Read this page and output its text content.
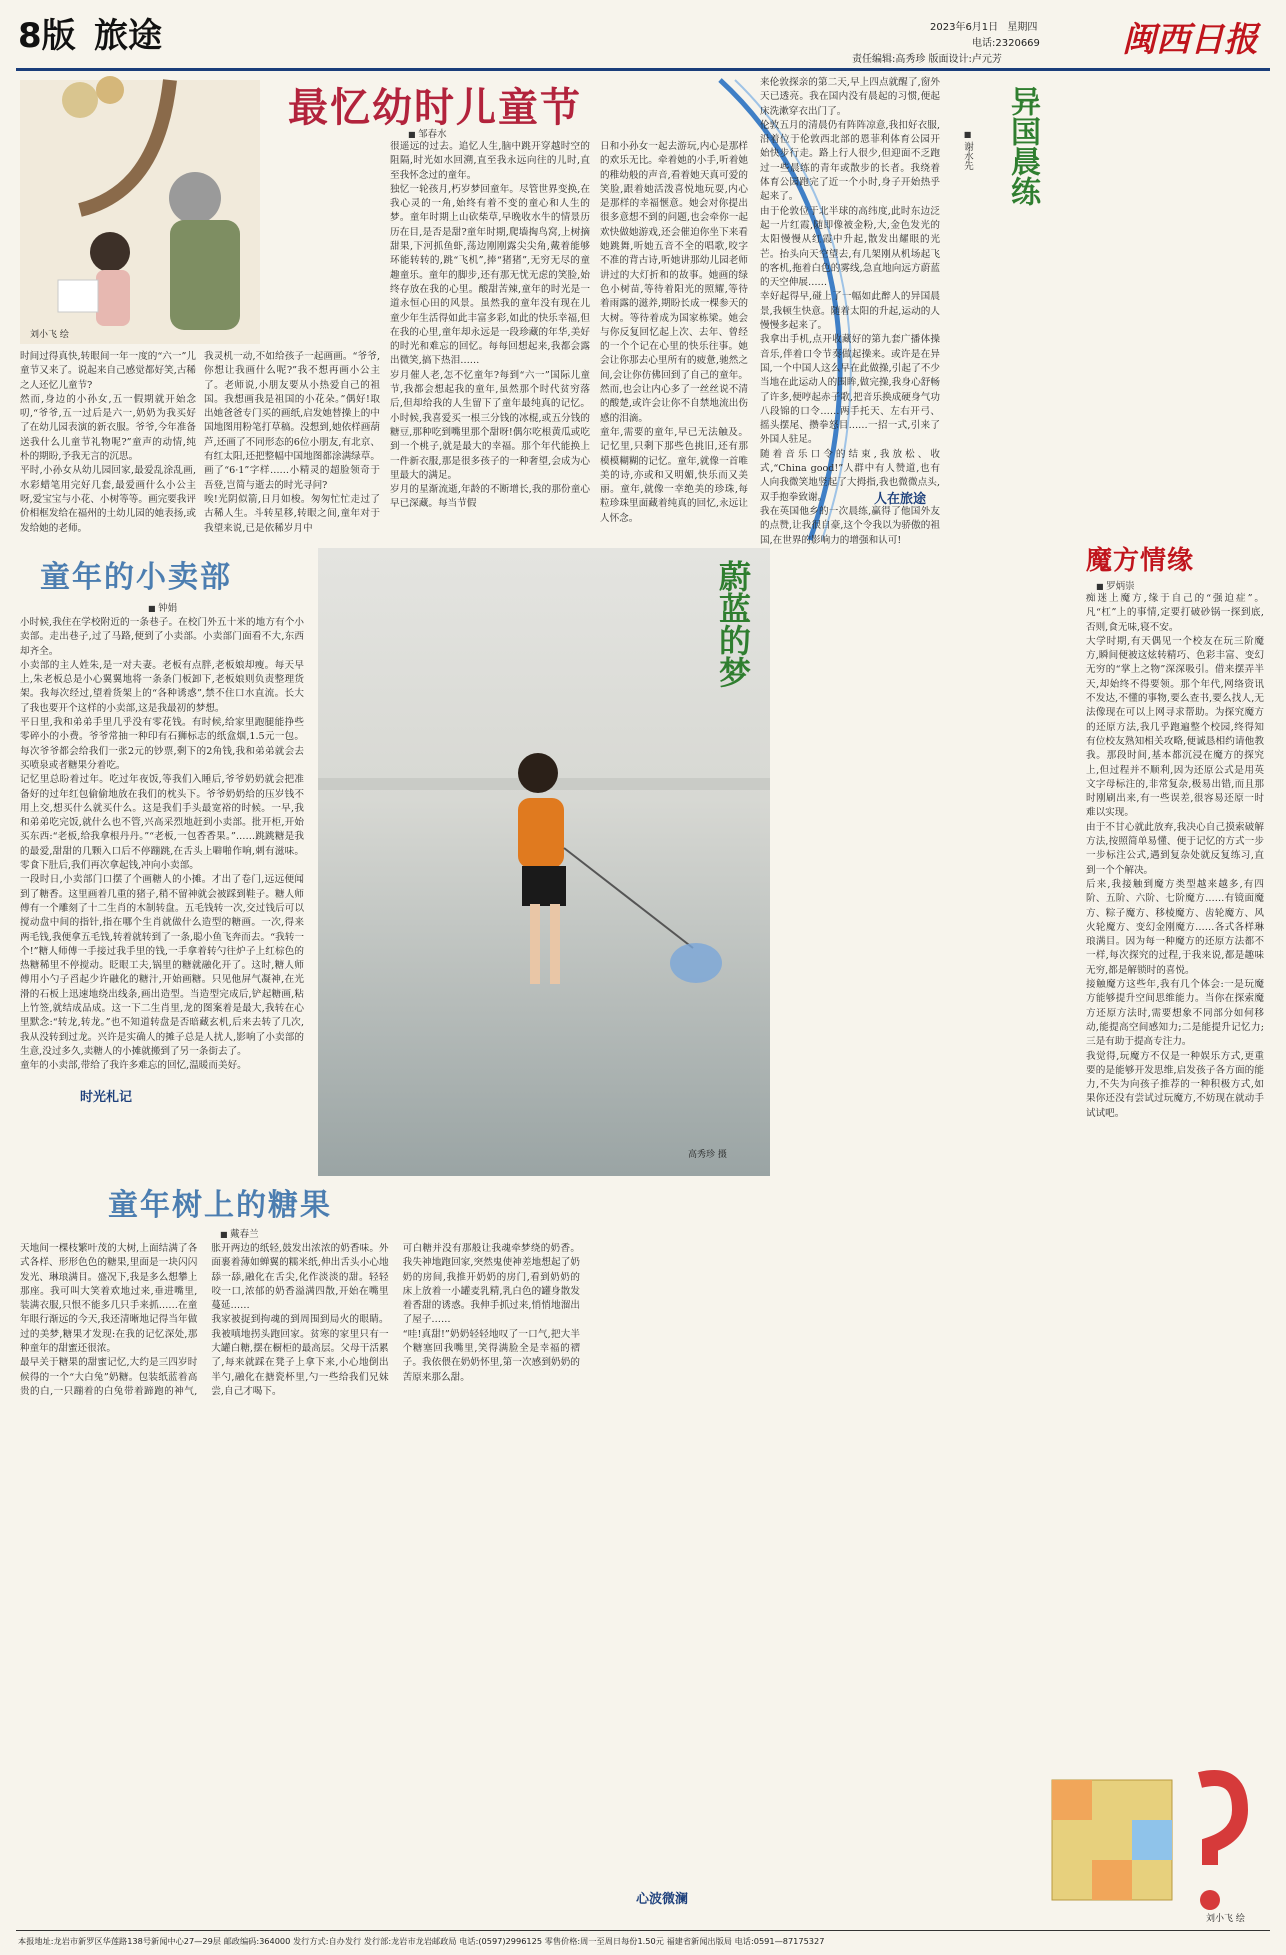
8版 旅途	2023年6月1日 星期四
电话:2320669
责任编辑:高秀珍 版面设计:卢元芳	闽西日报
刘小飞 绘
最忆幼时儿童节
■ 邹春水
时间过得真快,转眼间一年一度的“六一”儿童节又来了。说起来自己感觉都好笑,古稀之人还忆儿童节?
然而,身边的小孙女,五一假期就开始念叨,“爷爷,五一过后是六一,奶奶为我买好了在幼儿园表演的新衣服。爷爷,今年准备送我什么儿童节礼物呢?”童声的动情,纯朴的期盼,予我无言的沉思。
平时,小孙女从幼儿园回家,最爱乱涂乱画,水彩蜡笔用完好几套,最爱画什么小公主呀,爱宝宝与小花、小树等等。画完要我评价相框发给在福州的土幼儿园的她表扬,或发给她的老师。
我灵机一动,不如给孩子一起画画。“爷爷,你想让我画什么呢?”我不想再画小公主了。老师说,小朋友要从小热爱自己的祖国。我想画我是祖国的小花朵。”偶好!取出她爸爸专门买的画纸,启发她替操上的中国地图用粉笔打草稿。没想到,她依样画葫芦,还画了不同形态的6位小朋友,有北京、有红太阳,还把整幅中国地图都涂满绿草。画了“6·1”字样……小精灵的超脸领奇于吾登,岂简与逝去的时光寻问?
唉!光阴似箭,日月如梭。匆匆忙忙走过了古稀人生。斗转星移,转眼之间,童年对于我望来说,已是依稀岁月中
很遥远的过去。追忆人生,脑中跳开穿越时空的阻隔,时光如水回溯,直至我永远向往的儿时,直至我怀念过的童年。
独忆一轮孩月,朽岁梦回童年。尽管世界变换,在我心灵的一角,始终有着不变的童心和人生的梦。童年时期上山砍柴草,早晚收水牛的情景历历在目,是否是甜?童年时期,爬墙掏鸟窝,上树摘甜果,下河抓鱼虾,荡边刚刚露尖尖角,戴着能够环能转转的,跳“飞机”,捧“猪猪”,无穷无尽的童趣童乐。童年的脚步,还有那无忧无虑的笑脸,始终存放在我的心里。酸甜苦辣,童年的时光是一道永恒心田的风景。虽然我的童年没有现在儿童少年生活得如此丰富多彩,如此的快乐幸福,但在我的心里,童年却永远是一段珍藏的年华,美好的时光和难忘的回忆。每每回想起来,我都会露出微笑,搞下热泪……
岁月催人老,怎不忆童年?每到“六一”国际儿童节,我都会想起我的童年,虽然那个时代贫穷落后,但却给我的人生留下了童年最纯真的记忆。小时候,我喜爱买一根三分钱的冰棍,或五分钱的糖豆,那种吃到嘴里那个甜呀!偶尔吃根黄瓜或吃到一个桃子,就是最大的幸福。那个年代能换上一件新衣服,那是很多孩子的一种奢望,会成为心里最大的满足。
岁月的星渐流逝,年龄的不断增长,我的那份童心早已深藏。每当节假
日和小孙女一起去游玩,内心是那样的欢乐无比。牵着她的小手,听着她的稚幼般的声音,看着她天真可爱的笑脸,跟着她活泼喜悦地玩耍,内心是那样的幸福惬意。她会对你提出很多意想不到的问题,也会牵你一起欢快做她游戏,还会催迫你坐下来看她跳舞,听她五音不全的唱歌,咬字不准的背古诗,听她讲那幼儿园老师讲过的大灯折和的故事。她画的绿色小树苗,等待着阳光的照耀,等待着雨露的滋养,期盼长成一棵参天的大树。等待着成为国家栋梁。她会与你反复回忆起上次、去年、曾经的一个个记在心里的快乐往事。她会让你那去心里所有的疲惫,驰然之间,会让你仿佛回到了自己的童年。然而,也会让内心多了一丝丝说不清的酸楚,或许会让你不自禁地流出伤感的泪滴。
童年,需要的童年,早已无法触及。记忆里,只剩下那些色挑旧,还有那模模糊糊的记忆。童年,就像一首唯美的诗,亦或和又明媚,快乐而又美丽。童年,就像一幸绝美的珍珠,每粒珍珠里面藏着纯真的回忆,永远让人怀念。
来伦敦探亲的第二天,早上四点就醒了,窗外天已透亮。我在国内没有晨起的习惯,便起床洗漱穿衣出门了。
伦敦五月的清晨仍有阵阵凉意,我扣好衣服,沿着位于伦敦西北部的恩菲利体育公园开始快步行走。路上行人很少,但迎面不乏跑过一些晨练的青年或散步的长者。我绕着体育公园跑完了近一个小时,身子开始热乎起来了。
由于伦敦位于北半球的高纬度,此时东边泛起一片红霞,随即像被金粉,大,金色发光的太阳慢慢从红霞中升起,散发出耀眼的光芒。抬头向天空望去,有几架刚从机场起飞的客机,拖着白色的雾线,急直地向远方蔚蓝的天空伸展……
幸好起得早,碰上了一幅如此醉人的异国晨景,我顿生快意。随着太阳的升起,运动的人慢慢多起来了。
我拿出手机,点开收藏好的第九套广播体操音乐,伴着口令节奏做起操来。或许是在异国,一个中国人这么早在此做操,引起了不少当地在此运动人的围眸,做完操,我身心舒畅了许多,便哼起赤子歌,把音乐换成硬身气功八段锦的口令……两手托天、左右开弓、摇头摆尾、攒拳怒目……一招一式,引来了外国人驻足。
随着音乐口令的结束,我放松、收式,“China good!”人群中有人赞道,也有人向我微笑地竖起了大拇指,我也微微点头,双手抱拳致谢。
我在英国他乡的一次晨练,赢得了他国外友的点赞,让我很自豪,这个令我以为骄傲的祖国,在世界的影响力的增强和认可!
■ 谢水先 异国晨练
人在旅途
童年的小卖部
■ 钟娟
小时候,我住在学校附近的一条巷子。在校门外五十米的地方有个小卖部。走出巷子,过了马路,便到了小卖部。小卖部门面看不大,东西却齐全。
小卖部的主人姓朱,是一对夫妻。老板有点胖,老板娘却瘦。每天早上,朱老板总是小心翼翼地将一条条门板卸下,老板娘则负责整理货架。我每次经过,望着货架上的“各种诱惑”,禁不住口水直流。长大了我也要开个这样的小卖部,这是我最初的梦想。
平日里,我和弟弟手里几乎没有零花钱。有时候,给家里跑腿能挣些零碎小的小费。爷爷常抽一种印有石狮标志的纸盒烟,1.5元一包。每次爷爷都会给我们一张2元的钞票,剩下的2角钱,我和弟弟就会去买喷泉或者糖果分着吃。
记忆里总盼着过年。吃过年夜饭,等我们入睡后,爷爷奶奶就会把准备好的过年红包偷偷地放在我们的枕头下。爷爷奶奶给的压岁钱不用上交,想买什么就买什么。这是我们手头最宽裕的时候。一早,我和弟弟吃完饭,就什么也不管,兴高采烈地赶到小卖部。批开柜,开始买东西:“老板,给我拿根丹丹。”“老板,一包香香果。”……跳跳糖是我的最爱,甜甜的几颗入口后不停蹦跳,在舌头上噼啪作响,刺有滋味。零食下肚后,我们再次拿起钱,冲向小卖部。
一段时日,小卖部门口摆了个画糖人的小摊。才出了卷门,远远便闻到了糖香。这里画着几重的猪子,稍不留神就会被踩到鞋子。糖人师傅有一个雕刻了十二生肖的木制转盘。五毛钱转一次,交过钱后可以搅动盘中间的指针,指在哪个生肖就做什么造型的糖画。一次,得来两毛钱,我便拿五毛钱,转着就转到了一条,聪小鱼飞奔而去。“我转一个!”糖人师傅一手接过我手里的钱,一手拿着转勺往炉子上红棕色的热糖稀里不停搅动。眨眼工夫,锅里的糖就融化开了。这时,糖人师傅用小勺子舀起少许融化的糖汁,开始画糖。只见他屏气凝神,在光滑的石板上迅速地绕出线条,画出造型。当造型完成后,铲起糖画,粘上竹签,就结成品成。这一下二生肖里,龙的图案着是最大,我转在心里默念:“转龙,转龙。”也不知道转盘是否暗藏玄机,后来去转了几次,我从没转到过龙。兴许是实确人的摊子总是人扰人,影响了小卖部的生意,没过多久,卖糖人的小摊就搬到了另一条街去了。
童年的小卖部,带给了我许多难忘的回忆,温暖而美好。
时光札记
蔚蓝的梦
高秀珍 摄
魔方情缘
■ 罗炳崇
痴迷上魔方,缘于自己的“强迫症”。凡“杠”上的事情,定要打破砂锅一探到底,否则,食无味,寝不安。
大学时期,有天偶见一个校友在玩三阶魔方,瞬间便被这炫转精巧、色彩丰富、变幻无穷的“掌上之物”深深吸引。借来摆弄半天,却始终不得要领。那个年代,网络资讯不发达,不懂的事物,要么查书,要么找人,无法像现在可以上网寻求帮助。为探究魔方的还原方法,我几乎跑遍整个校园,终得知有位校友熟知相关攻略,便诚恳相约请他教我。那段时间,基本都沉浸在魔方的探究上,但过程并不顺利,因为还原公式是用英文字母标注的,非常复杂,极易出错,而且那时刚刷出来,有一些误差,很容易还原一时难以实现。
由于不甘心就此放弃,我决心自己摸索破解方法,按照简单易懂、便于记忆的方式一步一步标注公式,遇到复杂处就反复练习,直到一个个解决。
后来,我接触到魔方类型越来越多,有四阶、五阶、六阶、七阶魔方……有镜面魔方、粽子魔方、移棱魔方、齿轮魔方、风火轮魔方、变幻金刚魔方……各式各样琳琅满目。因为每一种魔方的还原方法都不一样,每次探究的过程,于我来说,都是趣味无穷,都是解锁时的喜悦。
接触魔方这些年,我有几个体会:一是玩魔方能够提升空间思维能力。当你在探索魔方还原方法时,需要想象不同部分如何移动,能提高空间感知力;二是能提升记忆力;三是有助于提高专注力。
我觉得,玩魔方不仅是一种娱乐方式,更重要的是能够开发思维,启发孩子各方面的能力,不失为向孩子推荐的一种积极方式,如果你还没有尝试过玩魔方,不妨现在就动手试试吧。
刘小飞 绘
童年树上的糖果
■ 戴春兰
天地间一棵枝繁叶茂的大树,上面结满了各式各样、形形色色的糖果,里面是一块闪闪发光、琳琅满目。盛况下,我是多么想攀上那座。我可叫大笑着欢地过来,垂进嘴里,装满衣服,只恨不能多几只手来抓……在童年眼行渐远的今天,我还清晰地记得当年做过的美梦,糖果才发现:在我的记忆深处,那种童年的甜蜜还很浓。
最早关于糖果的甜蜜记忆,大约是三四岁时候得的一个“大白兔”奶糖。包装纸蓝着高贵的白,一只蹦着的白兔带着蹄跑的神气,胀开两边的纸轻,鼓发出浓浓的奶香味。外面裹着薄如蝉翼的糯米纸,伸出舌头小心地舔一舔,融化在舌尖,化作淡淡的甜。轻轻咬一口,浓郁的奶香溢满四散,开始在嘴里蔓延……
我家被捉到拘魂的到周围到局火的眼睛。我被嗔地拐头跑回家。贫寒的家里只有一大罐白糖,摆在橱柜的最高层。父母干活累了,每来就踩在凳子上拿下来,小心地倒出半勺,融化在搪瓷杯里,勺一些给我们兄妹尝,自己才喝下。
可白糖并没有那般让我魂牵梦绕的奶香。我失神地跑回家,突然鬼使神差地想起了奶奶的房间,我推开奶奶的房门,看到奶奶的床上放着一小罐麦乳精,乳白色的罐身散发着香甜的诱惑。我伸手抓过来,悄悄地溜出了屋子……
“哇!真甜!”奶奶轻轻地叹了一口气,把大半个糖塞回我嘴里,笑得满脸全是幸福的褶子。我依偎在奶奶怀里,第一次感到奶奶的苦原来那么甜。
心波微澜
本报地址:龙岩市新罗区华莲路138号新闻中心27—29层 邮政编码:364000 发行方式:自办发行 发行部:龙岩市龙岩邮政局 电话:(0597)2996125 零售价格:周一至周日每份1.50元 福建省新闻出版局 电话:0591—87175327
